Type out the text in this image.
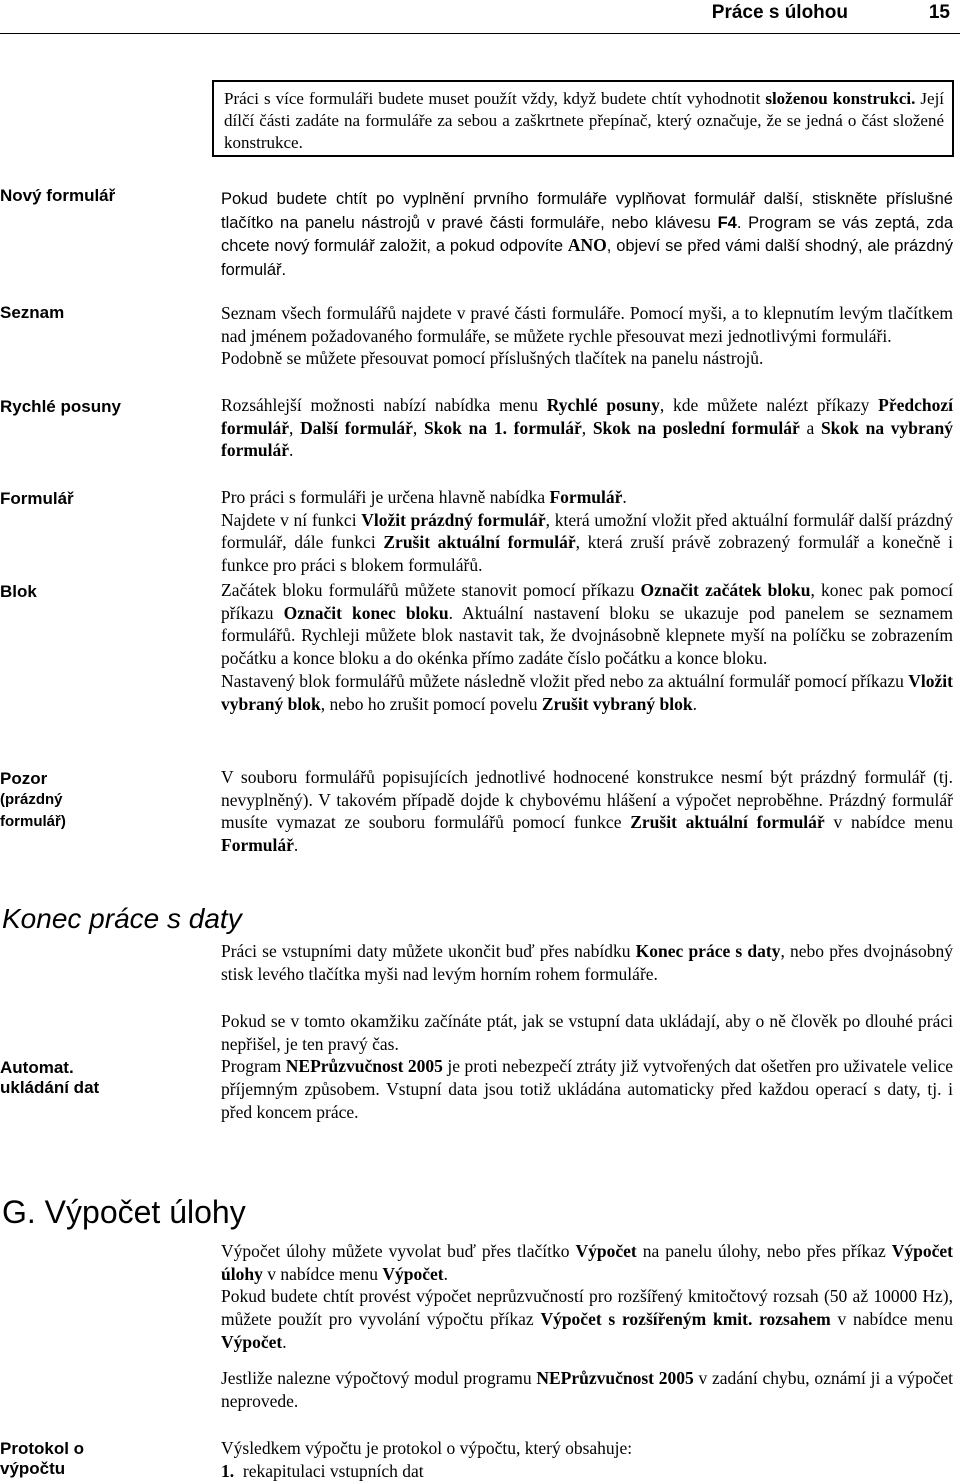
Práce s úlohou	15
Práci s více formuláři budete muset použít vždy, když budete chtít vyhodnotit složenou konstrukci. Její dílčí části zadáte na formuláře za sebou a zaškrtnete přepínač, který označuje, že se jedná o část složené konstrukce.
Nový formulář
Seznam
Rychlé posuny
Formulář
Blok
Pozor
(prázdný
formulář)
Automat.
ukládání dat
Protokol o
výpočtu

Pokud budete chtít po vyplnění prvního formuláře vyplňovat formulář další, stiskněte příslušné tlačítko na panelu nástrojů v pravé části formuláře, nebo klávesu F4. Program se vás zeptá, zda chcete nový formulář založit, a pokud odpovíte ANO, objeví se před vámi další shodný, ale prázdný formulář.

Seznam všech formulářů najdete v pravé části formuláře. Pomocí myši, a to klepnutím levým tlačítkem nad jménem požadovaného formuláře, se můžete rychle přesouvat mezi jednotlivými formuláři.

Podobně se můžete přesouvat pomocí příslušných tlačítek na panelu nástrojů.

Rozsáhlejší možnosti nabízí nabídka menu Rychlé posuny, kde můžete nalézt příkazy Předchozí formulář, Další formulář, Skok na 1. formulář, Skok na poslední formulář a Skok na vybraný formulář.

Pro práci s formuláři je určena hlavně nabídka Formulář.

Najdete v ní funkci Vložit prázdný formulář, která umožní vložit před aktuální formulář další prázdný formulář, dále funkci Zrušit aktuální formulář, která zruší právě zobrazený formulář a konečně i funkce pro práci s blokem formulářů.

Začátek bloku formulářů můžete stanovit pomocí příkazu Označit začátek bloku, konec pak pomocí příkazu Označit konec bloku. Aktuální nastavení bloku se ukazuje pod panelem se seznamem formulářů. Rychleji můžete blok nastavit tak, že dvojnásobně klepnete myší na políčku se zobrazením počátku a konce bloku a do okénka přímo zadáte číslo počátku a konce bloku.

Nastavený blok formulářů můžete následně vložit před nebo za aktuální formulář pomocí příkazu Vložit vybraný blok, nebo ho zrušit pomocí povelu Zrušit vybraný blok.

V souboru formulářů popisujících jednotlivé hodnocené konstrukce nesmí být prázdný formulář (tj. nevyplněný). V takovém případě dojde k chybovému hlášení a výpočet neproběhne. Prázdný formulář musíte vymazat ze souboru formulářů pomocí funkce Zrušit aktuální formulář v nabídce menu Formulář.

Konec práce s daty

Práci se vstupními daty můžete ukončit buď přes nabídku Konec práce s daty, nebo přes dvojnásobný stisk levého tlačítka myši nad levým horním rohem formuláře.

Pokud se v tomto okamžiku začínáte ptát, jak se vstupní data ukládají, aby o ně člověk po dlouhé práci nepřišel, je ten pravý čas.

Program NEPrůzvučnost 2005 je proti nebezpečí ztráty již vytvořených dat ošetřen pro uživatele velice příjemným způsobem. Vstupní data jsou totiž ukládána automaticky před každou operací s daty, tj. i před koncem práce.

G. Výpočet úlohy

Výpočet úlohy můžete vyvolat buď přes tlačítko Výpočet na panelu úlohy, nebo přes příkaz Výpočet úlohy v nabídce menu Výpočet.

Pokud budete chtít provést výpočet neprůzvučností pro rozšířený kmitočtový rozsah (50 až 10000 Hz), můžete použít pro vyvolání výpočtu příkaz Výpočet s rozšířeným kmit. rozsahem v nabídce menu Výpočet.

Jestliže nalezne výpočtový modul programu NEPrůzvučnost 2005 v zadání chybu, oznámí ji a výpočet neprovede.

Výsledkem výpočtu je protokol o výpočtu, který obsahuje:

1. rekapitulaci vstupních dat
